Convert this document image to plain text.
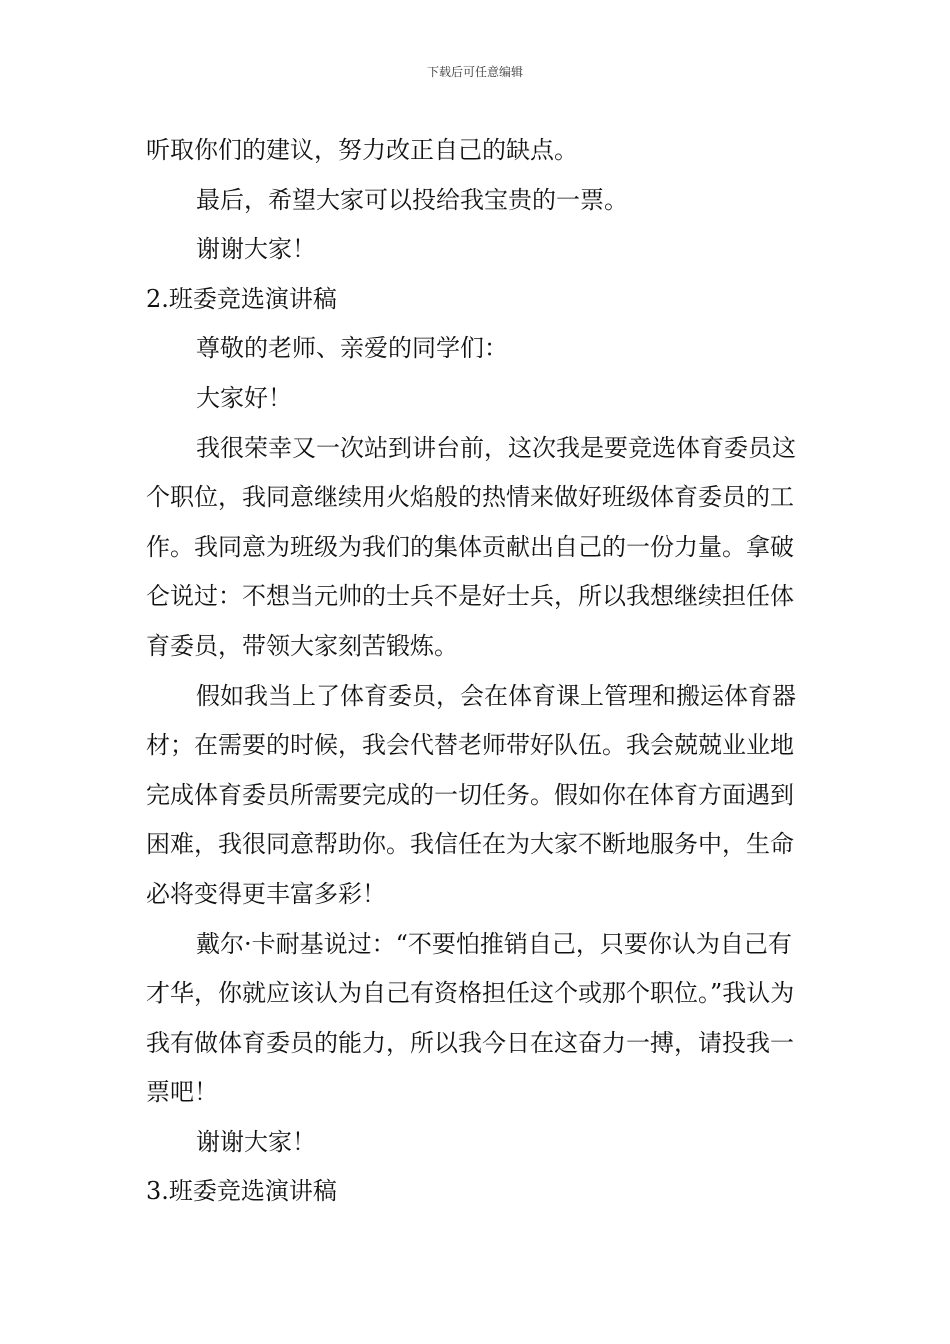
下载后可任意编辑

听取你们的建议，努力改正自己的缺点。

最后，希望大家可以投给我宝贵的一票。

谢谢大家！

2.班委竞选演讲稿

尊敬的老师、亲爱的同学们：

大家好！

我很荣幸又一次站到讲台前，这次我是要竞选体育委员这个职位，我同意继续用火焰般的热情来做好班级体育委员的工作。我同意为班级为我们的集体贡献出自己的一份力量。拿破仑说过：不想当元帅的士兵不是好士兵，所以我想继续担任体育委员，带领大家刻苦锻炼。

假如我当上了体育委员，会在体育课上管理和搬运体育器材；在需要的时候，我会代替老师带好队伍。我会兢兢业业地完成体育委员所需要完成的一切任务。假如你在体育方面遇到困难，我很同意帮助你。我信任在为大家不断地服务中，生命必将变得更丰富多彩！

戴尔·卡耐基说过：“不要怕推销自己，只要你认为自己有才华，你就应该认为自己有资格担任这个或那个职位。”我认为我有做体育委员的能力，所以我今日在这奋力一搏，请投我一票吧！

谢谢大家！

3.班委竞选演讲稿
